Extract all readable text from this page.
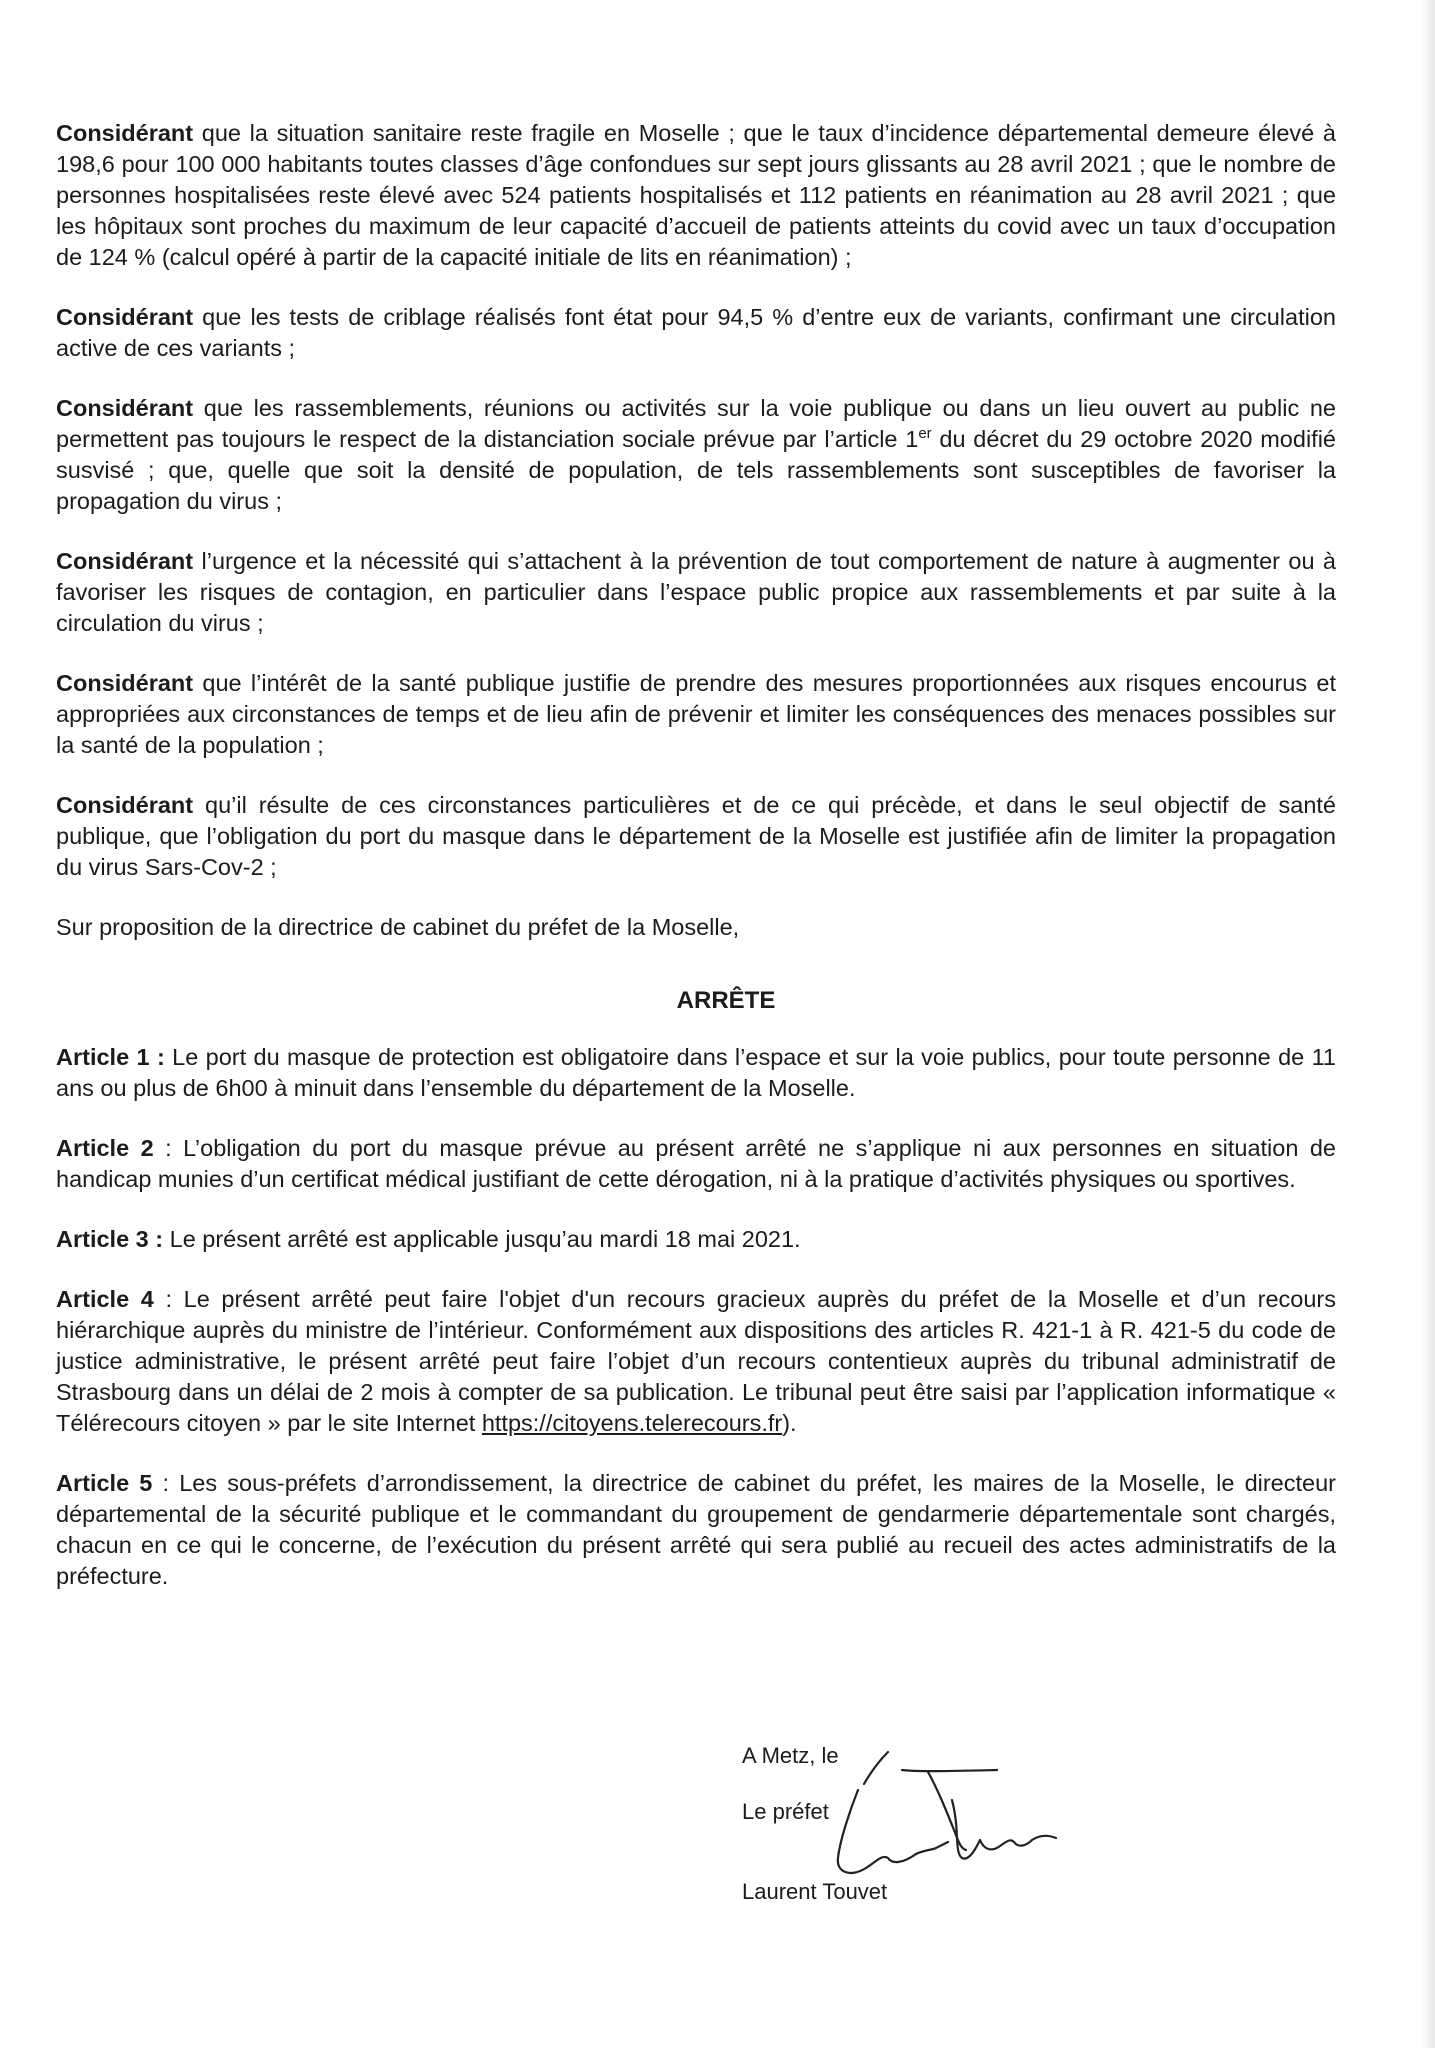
Considérant que la situation sanitaire reste fragile en Moselle ; que le taux d’incidence départemental demeure élevé à 198,6 pour 100 000 habitants toutes classes d’âge confondues sur sept jours glissants au 28 avril 2021 ; que le nombre de personnes hospitalisées reste élevé avec 524 patients hospitalisés et 112 patients en réanimation au 28 avril 2021 ; que les hôpitaux sont proches du maximum de leur capacité d’accueil de patients atteints du covid avec un taux d’occupation de 124 % (calcul opéré à partir de la capacité initiale de lits en réanimation) ;

Considérant que les tests de criblage réalisés font état pour 94,5 % d’entre eux de variants, confirmant une circulation active de ces variants ;

Considérant que les rassemblements, réunions ou activités sur la voie publique ou dans un lieu ouvert au public ne permettent pas toujours le respect de la distanciation sociale prévue par l’article 1er du décret du 29 octobre 2020 modifié susvisé ; que, quelle que soit la densité de population, de tels rassemblements sont susceptibles de favoriser la propagation du virus ;

Considérant l’urgence et la nécessité qui s’attachent à la prévention de tout comportement de nature à augmenter ou à favoriser les risques de contagion, en particulier dans l’espace public propice aux rassemblements et par suite à la circulation du virus ;

Considérant que l’intérêt de la santé publique justifie de prendre des mesures proportionnées aux risques encourus et appropriées aux circonstances de temps et de lieu afin de prévenir et limiter les conséquences des menaces possibles sur la santé de la population ;

Considérant qu’il résulte de ces circonstances particulières et de ce qui précède, et dans le seul objectif de santé publique, que l’obligation du port du masque dans le département de la Moselle est justifiée afin de limiter la propagation du virus Sars-Cov-2 ;

Sur proposition de la directrice de cabinet du préfet de la Moselle,

ARRÊTE

Article 1 : Le port du masque de protection est obligatoire dans l’espace et sur la voie publics, pour toute personne de 11 ans ou plus de 6h00 à minuit dans l’ensemble du département de la Moselle.

Article 2 : L’obligation du port du masque prévue au présent arrêté ne s’applique ni aux personnes en situation de handicap munies d’un certificat médical justifiant de cette dérogation, ni à la pratique d’activités physiques ou sportives.

Article 3 : Le présent arrêté est applicable jusqu’au mardi 18 mai 2021.

Article 4 : Le présent arrêté peut faire l'objet d'un recours gracieux auprès du préfet de la Moselle et d’un recours hiérarchique auprès du ministre de l’intérieur. Conformément aux dispositions des articles R. 421-1 à R. 421-5 du code de justice administrative, le présent arrêté peut faire l’objet d’un recours contentieux auprès du tribunal administratif de Strasbourg dans un délai de 2 mois à compter de sa publication. Le tribunal peut être saisi par l’application informatique « Télérecours citoyen » par le site Internet https://citoyens.telerecours.fr).

Article 5 : Les sous-préfets d’arrondissement, la directrice de cabinet du préfet, les maires de la Moselle, le directeur départemental de la sécurité publique et le commandant du groupement de gendarmerie départementale sont chargés, chacun en ce qui le concerne, de l’exécution du présent arrêté qui sera publié au recueil des actes administratifs de la préfecture.

A Metz, le
Le préfet
Laurent Touvet
